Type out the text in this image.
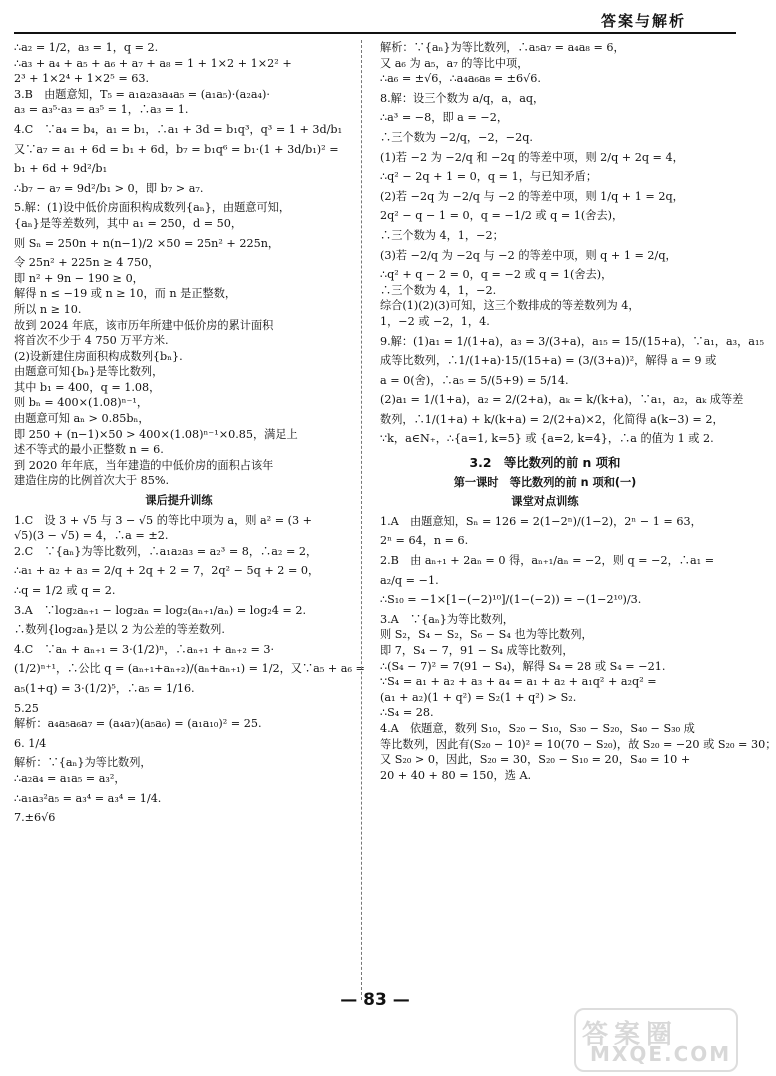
答案与解析
∴a₂ = 1/2，a₃ = 1，q = 2.
∴a₃ + a₄ + a₅ + a₆ + a₇ + a₈ = 1 + 1×2 + 1×2² +
2³ + 1×2⁴ + 1×2⁵ = 63.
3.B　由题意知，T₅ = a₁a₂a₃a₄a₅ = (a₁a₅)·(a₂a₄)·
a₃ = a₃⁵·a₃ = a₃⁵ = 1，∴a₃ = 1.
4.C　∵a₄ = b₄，a₁ = b₁，∴a₁ + 3d = b₁q³，q³ = 1 + 3d/b₁
又∵a₇ = a₁ + 6d = b₁ + 6d，b₇ = b₁q⁶ = b₁·(1 + 3d/b₁)² =
b₁ + 6d + 9d²/b₁
∴b₇ − a₇ = 9d²/b₁ > 0，即 b₇ > a₇.
5.解：(1)设中低价房面积构成数列{aₙ}，由题意可知，
{aₙ}是等差数列，其中 a₁ = 250，d = 50，
则 Sₙ = 250n + n(n−1)/2 ×50 = 25n² + 225n，
令 25n² + 225n ≥ 4 750，
即 n² + 9n − 190 ≥ 0，
解得 n ≤ −19 或 n ≥ 10，而 n 是正整数，
所以 n ≥ 10.
故到 2024 年底，该市历年所建中低价房的累计面积
将首次不少于 4 750 万平方米.
(2)设新建住房面积构成数列{bₙ}.
由题意可知{bₙ}是等比数列，
其中 b₁ = 400，q = 1.08，
则 bₙ = 400×(1.08)ⁿ⁻¹，
由题意可知 aₙ > 0.85bₙ，
即 250 + (n−1)×50 > 400×(1.08)ⁿ⁻¹×0.85，满足上
述不等式的最小正整数 n = 6.
到 2020 年年底，当年建造的中低价房的面积占该年
建造住房的比例首次大于 85%.
课后提升训练
1.C　设 3 + √5 与 3 − √5 的等比中项为 a，则 a² = (3 +
√5)(3 − √5) = 4，∴a = ±2.
2.C　∵{aₙ}为等比数列，∴a₁a₂a₃ = a₂³ = 8，∴a₂ = 2，
∴a₁ + a₂ + a₃ = 2/q + 2q + 2 = 7，2q² − 5q + 2 = 0，
∴q = 1/2 或 q = 2.
3.A　∵log₂aₙ₊₁ − log₂aₙ = log₂(aₙ₊₁/aₙ) = log₂4 = 2.
∴数列{log₂aₙ}是以 2 为公差的等差数列.
4.C　∵aₙ + aₙ₊₁ = 3·(1/2)ⁿ，∴aₙ₊₁ + aₙ₊₂ = 3·
(1/2)ⁿ⁺¹，∴公比 q = (aₙ₊₁+aₙ₊₂)/(aₙ+aₙ₊₁) = 1/2，又∵a₅ + a₆ =
a₅(1+q) = 3·(1/2)⁵，∴a₅ = 1/16.
5.25
解析：a₄a₅a₆a₇ = (a₄a₇)(a₅a₆) = (a₁a₁₀)² = 25.
6. 1/4
解析：∵{aₙ}为等比数列，
∴a₂a₄ = a₁a₅ = a₃²，
∴a₁a₃²a₅ = a₃⁴ = a₃⁴ = 1/4.
7.±6√6
解析：∵{aₙ}为等比数列，∴a₅a₇ = a₄a₈ = 6，
又 a₆ 为 a₅，a₇ 的等比中项，
∴a₆ = ±√6，∴a₄a₆a₈ = ±6√6.
8.解：设三个数为 a/q，a，aq，
∴a³ = −8，即 a = −2，
∴三个数为 −2/q，−2，−2q.
(1)若 −2 为 −2/q 和 −2q 的等差中项，则 2/q + 2q = 4，
∴q² − 2q + 1 = 0，q = 1，与已知矛盾；
(2)若 −2q 为 −2/q 与 −2 的等差中项，则 1/q + 1 = 2q，
2q² − q − 1 = 0，q = −1/2 或 q = 1(舍去)，
∴三个数为 4，1，−2；
(3)若 −2/q 为 −2q 与 −2 的等差中项，则 q + 1 = 2/q，
∴q² + q − 2 = 0，q = −2 或 q = 1(舍去)，
∴三个数为 4，1，−2.
综合(1)(2)(3)可知，这三个数排成的等差数列为 4，
1，−2 或 −2，1，4.
9.解：(1)a₁ = 1/(1+a)，a₃ = 3/(3+a)，a₁₅ = 15/(15+a)，∵a₁，a₃，a₁₅
成等比数列，∴1/(1+a)·15/(15+a) = (3/(3+a))²，解得 a = 9 或
a = 0(舍)，∴a₅ = 5/(5+9) = 5/14.
(2)a₁ = 1/(1+a)，a₂ = 2/(2+a)，aₖ = k/(k+a)，∵a₁，a₂，aₖ 成等差
数列，∴1/(1+a) + k/(k+a) = 2/(2+a)×2，化简得 a(k−3) = 2，
∵k，a∈N₊，∴{a=1, k=5} 或 {a=2, k=4}，∴a 的值为 1 或 2.
3.2　等比数列的前 n 项和
第一课时　等比数列的前 n 项和(一)
课堂对点训练
1.A　由题意知，Sₙ = 126 = 2(1−2ⁿ)/(1−2)，2ⁿ − 1 = 63，
2ⁿ = 64，n = 6.
2.B　由 aₙ₊₁ + 2aₙ = 0 得，aₙ₊₁/aₙ = −2，则 q = −2，∴a₁ =
a₂/q = −1.
∴S₁₀ = −1×[1−(−2)¹⁰]/(1−(−2)) = −(1−2¹⁰)/3.
3.A　∵{aₙ}为等比数列，
则 S₂，S₄ − S₂，S₆ − S₄ 也为等比数列，
即 7，S₄ − 7，91 − S₄ 成等比数列，
∴(S₄ − 7)² = 7(91 − S₄)，解得 S₄ = 28 或 S₄ = −21.
∵S₄ = a₁ + a₂ + a₃ + a₄ = a₁ + a₂ + a₁q² + a₂q² =
(a₁ + a₂)(1 + q²) = S₂(1 + q²) > S₂.
∴S₄ = 28.
4.A　依题意，数列 S₁₀，S₂₀ − S₁₀，S₃₀ − S₂₀，S₄₀ − S₃₀ 成
等比数列，因此有(S₂₀ − 10)² = 10(70 − S₂₀)，故 S₂₀ = −20 或 S₂₀ = 30；
又 S₂₀ > 0，因此，S₂₀ = 30，S₂₀ − S₁₀ = 20，S₄₀ = 10 +
20 + 40 + 80 = 150，选 A.
— 83 —
答案圈
MXQE.COM
